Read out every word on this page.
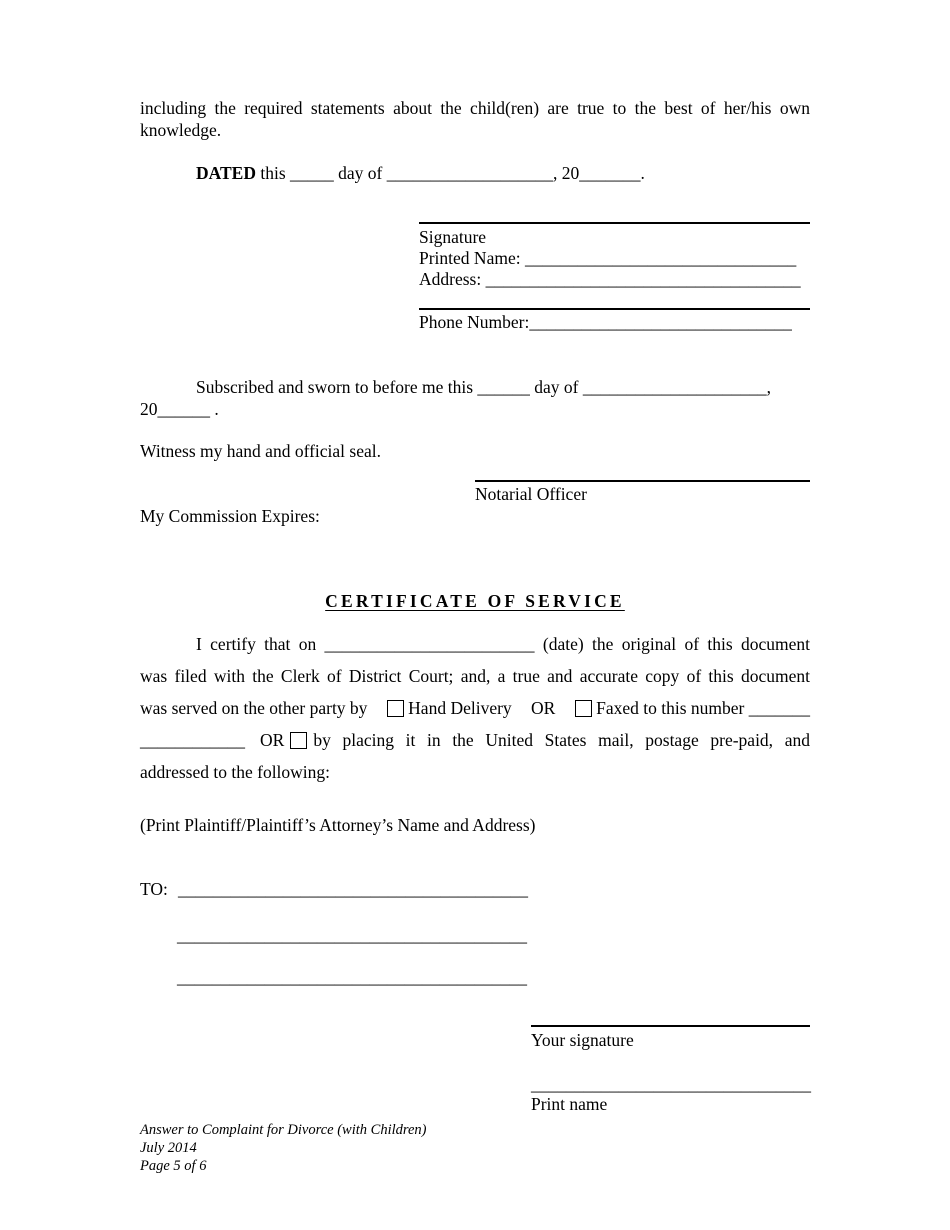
including the required statements about the child(ren) are true to the best of her/his own
knowledge.
DATED this _____ day of ___________________, 20_______.
Signature
Printed Name: _______________________________
Address: ____________________________________
Phone Number:______________________________
Subscribed and sworn to before me this ______ day of _____________________,
20______ .
Witness my hand and official seal.
Notarial Officer
My Commission Expires:
CERTIFICATE OF SERVICE
I certify that on ________________________ (date) the original of this document
was filed with the Clerk of District Court; and, a true and accurate copy of this document
was served on the other party by	Hand Delivery OR	Faxed to this number _______
____________ OR by placing it in the United States mail, postage pre-paid, and
addressed to the following:
(Print Plaintiff/Plaintiff’s Attorney’s Name and Address)
TO: ________________________________________
________________________________________
________________________________________
Your signature
________________________________
Print name
Answer to Complaint for Divorce (with Children)
July 2014
Page 5 of 6
